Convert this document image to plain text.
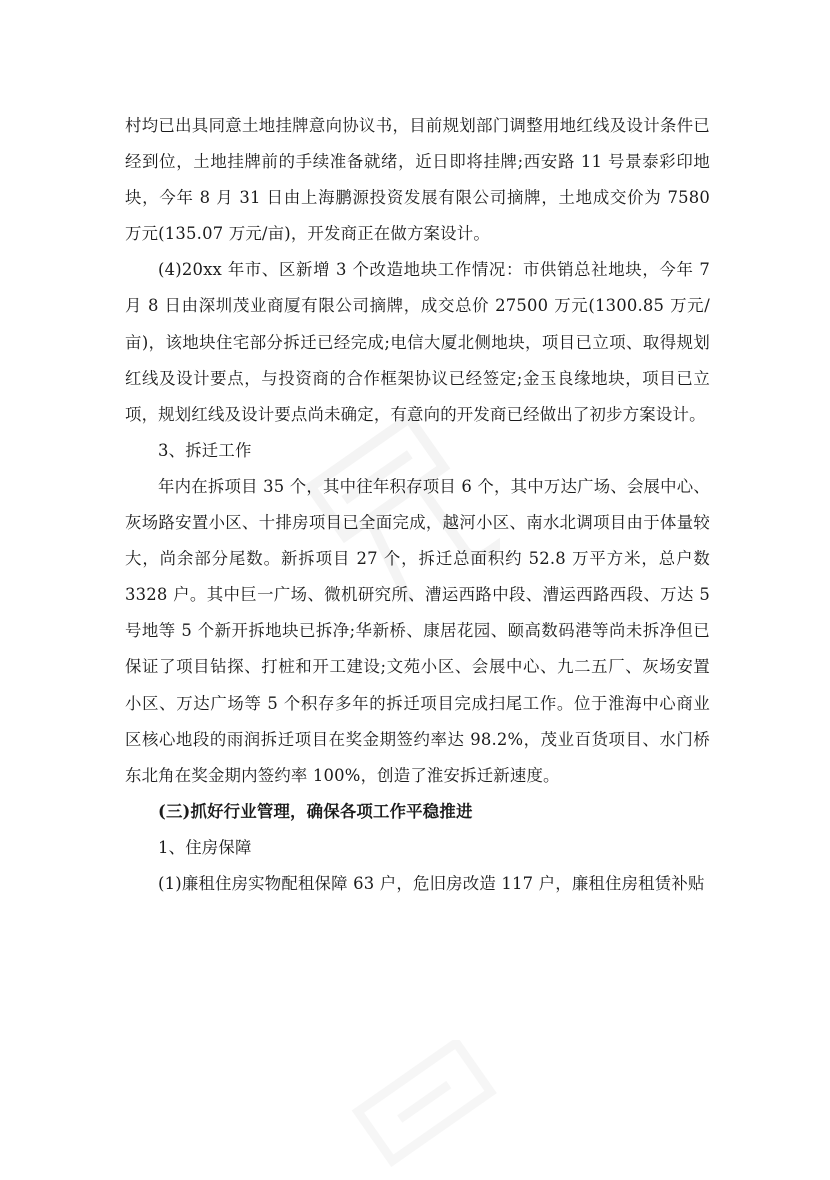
村均已出具同意土地挂牌意向协议书，目前规划部门调整用地红线及设计条件已经到位，土地挂牌前的手续准备就绪，近日即将挂牌;西安路 11 号景泰彩印地块，今年 8 月 31 日由上海鹏源投资发展有限公司摘牌，土地成交价为 7580 万元(135.07 万元/亩)，开发商正在做方案设计。

(4)20xx 年市、区新增 3 个改造地块工作情况：市供销总社地块，今年 7 月 8 日由深圳茂业商厦有限公司摘牌，成交总价 27500 万元(1300.85 万元/亩)，该地块住宅部分拆迁已经完成;电信大厦北侧地块，项目已立项、取得规划红线及设计要点，与投资商的合作框架协议已经签定;金玉良缘地块，项目已立项，规划红线及设计要点尚未确定，有意向的开发商已经做出了初步方案设计。

3、拆迁工作

年内在拆项目 35 个，其中往年积存项目 6 个，其中万达广场、会展中心、灰场路安置小区、十排房项目已全面完成，越河小区、南水北调项目由于体量较大，尚余部分尾数。新拆项目 27 个，拆迁总面积约 52.8 万平方米，总户数 3328 户。其中巨一广场、微机研究所、漕运西路中段、漕运西路西段、万达 5 号地等 5 个新开拆地块已拆净;华新桥、康居花园、颐高数码港等尚未拆净但已保证了项目钻探、打桩和开工建设;文苑小区、会展中心、九二五厂、灰场安置小区、万达广场等 5 个积存多年的拆迁项目完成扫尾工作。位于淮海中心商业区核心地段的雨润拆迁项目在奖金期签约率达 98.2%，茂业百货项目、水门桥东北角在奖金期内签约率 100%，创造了淮安拆迁新速度。

(三)抓好行业管理，确保各项工作平稳推进

1、住房保障

(1)廉租住房实物配租保障 63 户，危旧房改造 117 户，廉租住房租赁补贴
